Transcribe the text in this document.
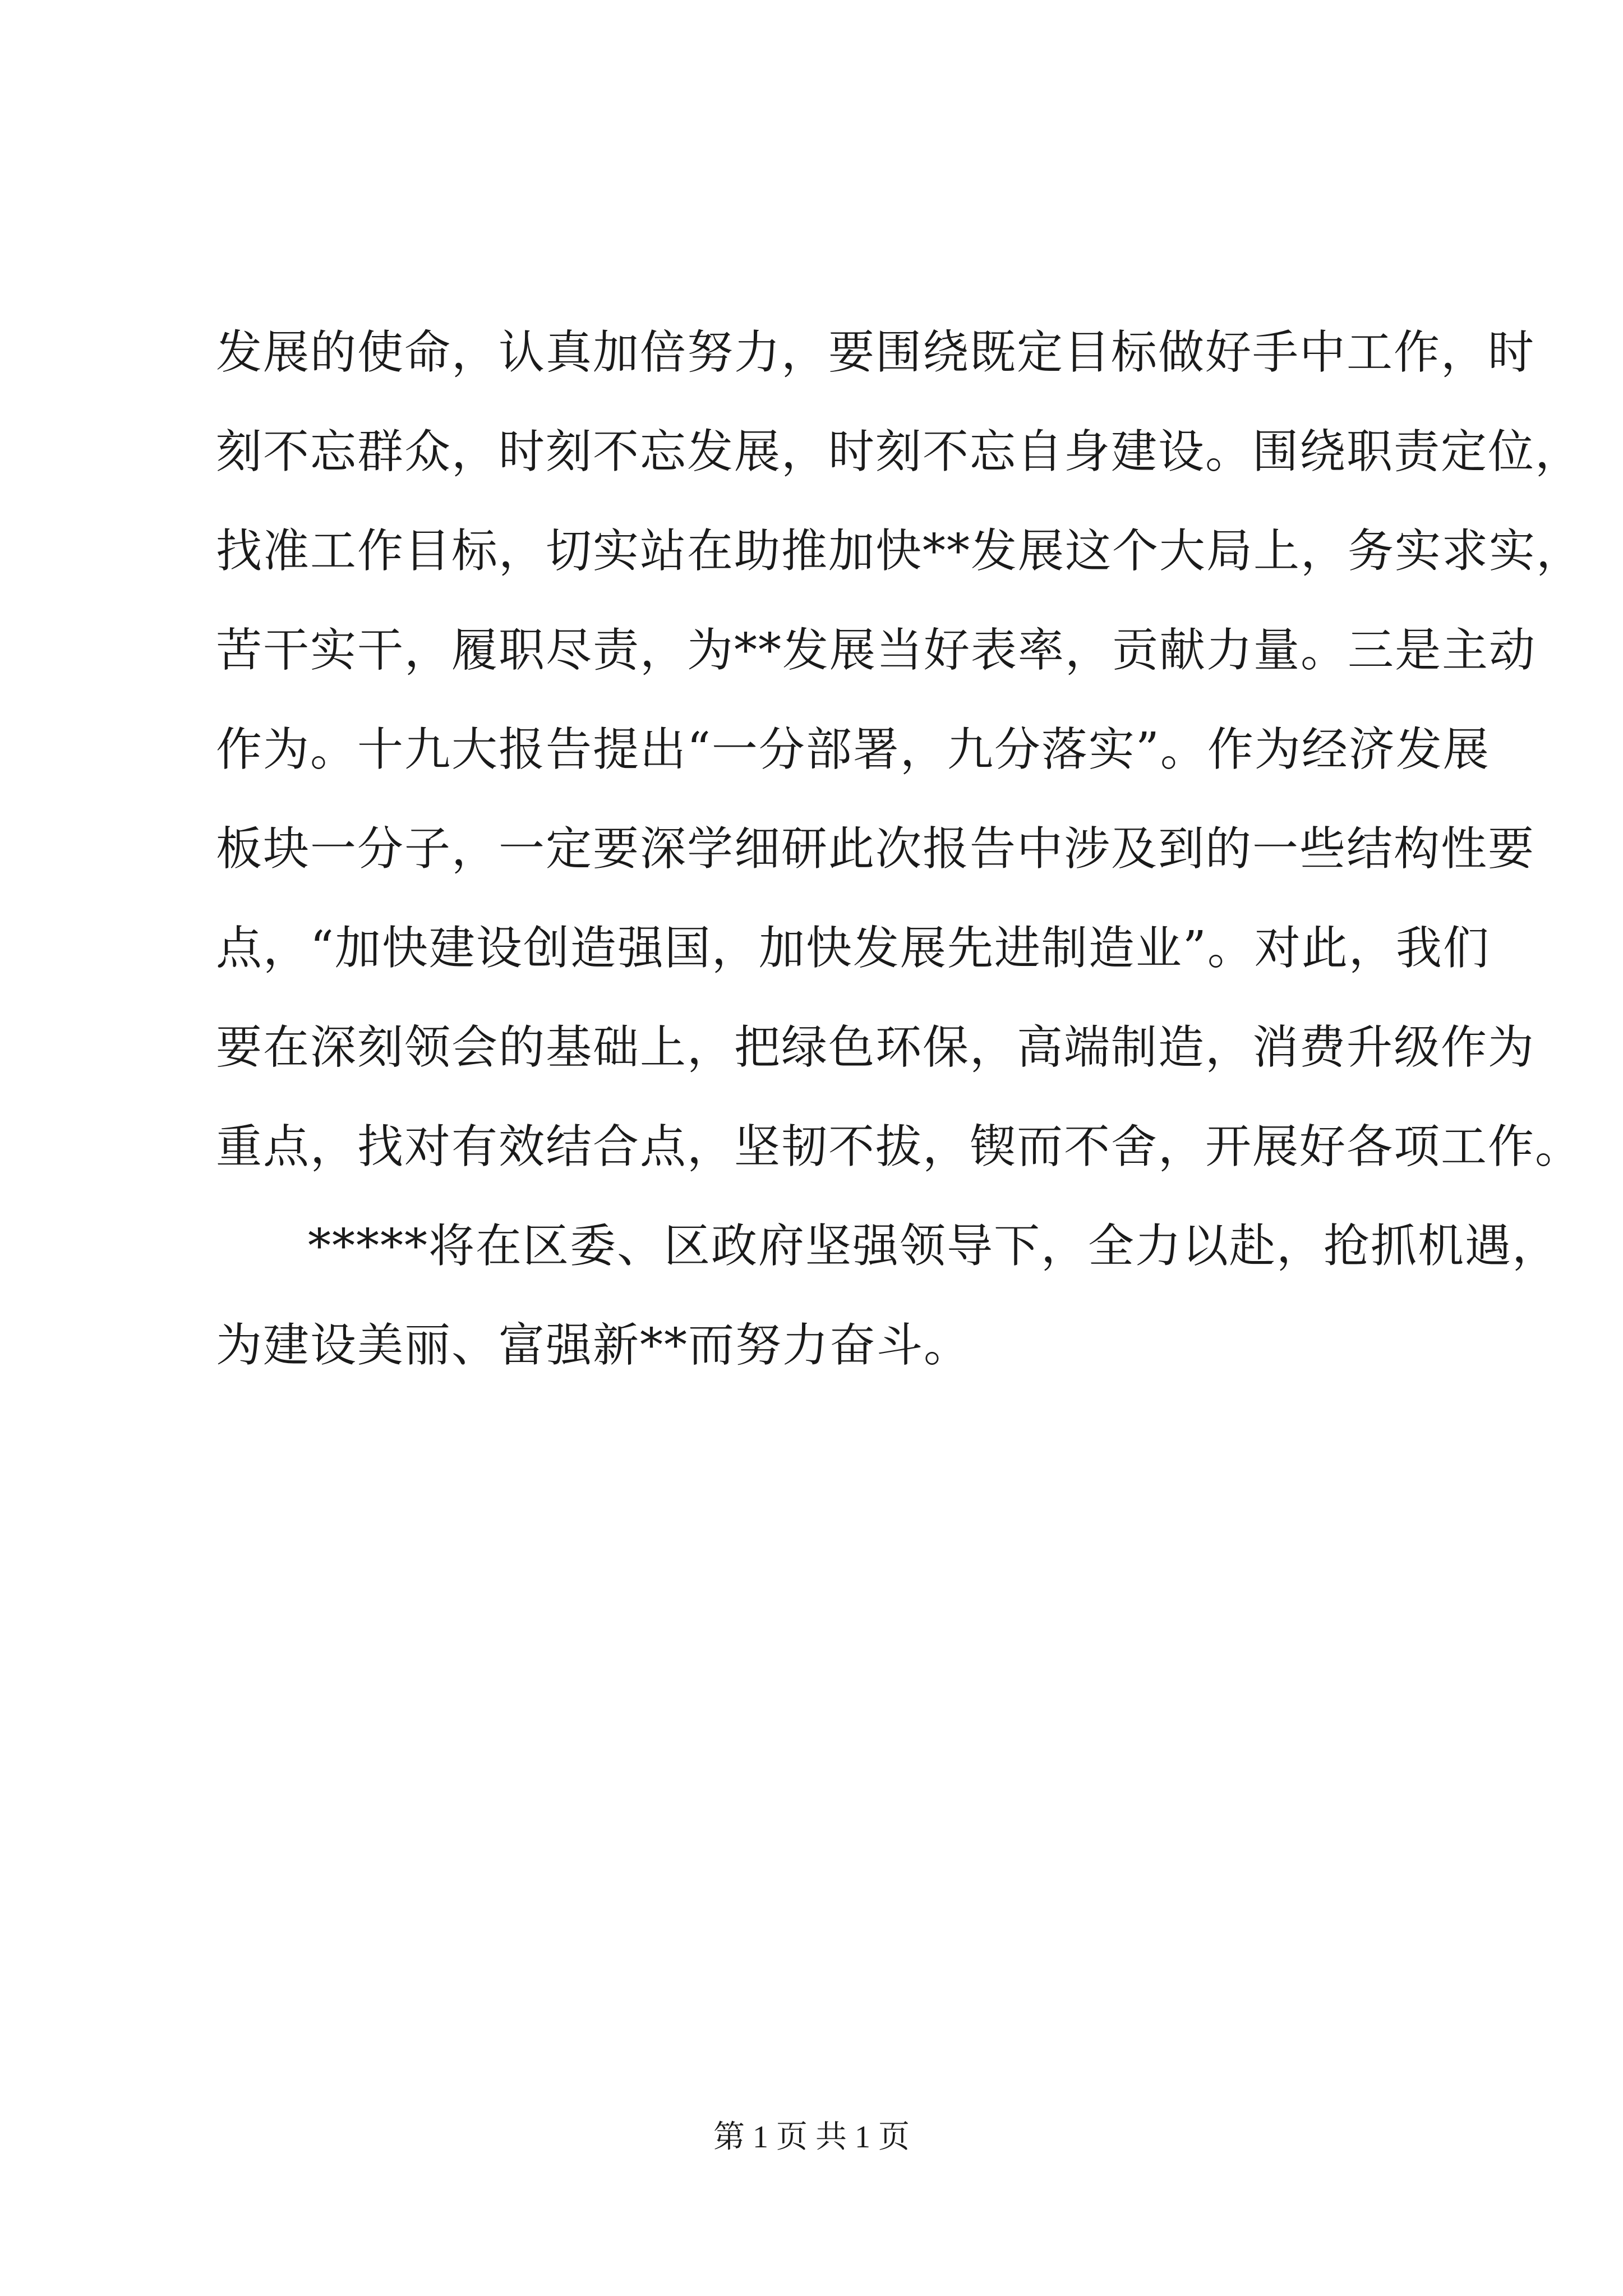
发展的使命，认真加倍努力，要围绕既定目标做好手中工作，时
刻不忘群众，时刻不忘发展，时刻不忘自身建设。围绕职责定位，
找准工作目标，切实站在助推加快**发展这个大局上，务实求实，
苦干实干，履职尽责，为**发展当好表率，贡献力量。三是主动
作为。十九大报告提出“一分部署，九分落实”。作为经济发展
板块一分子，一定要深学细研此次报告中涉及到的一些结构性要
点，“加快建设创造强国，加快发展先进制造业”。对此，我们
要在深刻领会的基础上，把绿色环保，高端制造，消费升级作为
重点，找对有效结合点，坚韧不拔，锲而不舍，开展好各项工作。
*****将在区委、区政府坚强领导下，全力以赴，抢抓机遇，
为建设美丽、富强新**而努力奋斗。
第 1 页 共 1 页
